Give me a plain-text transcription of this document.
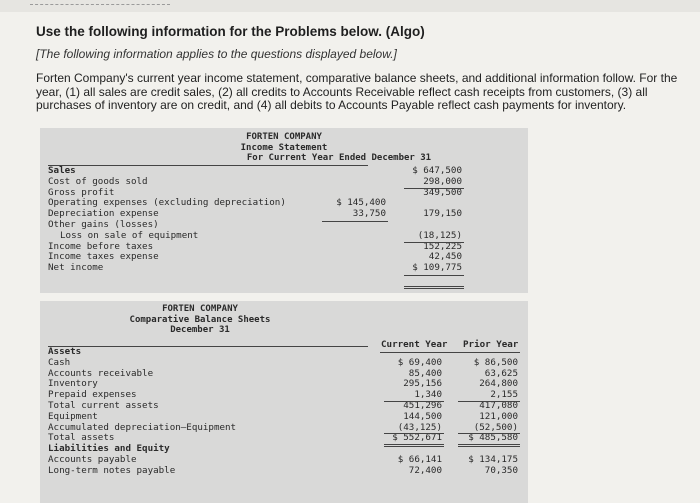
Use the following information for the Problems below. (Algo)
[The following information applies to the questions displayed below.]
Forten Company's current year income statement, comparative balance sheets, and additional information follow. For the year, (1) all sales are credit sales, (2) all credits to Accounts Receivable reflect cash receipts from customers, (3) all purchases of inventory are on credit, and (4) all debits to Accounts Payable reflect cash payments for inventory.
FORTEN COMPANY
Income Statement
For Current Year Ended December 31
Sales
Cost of goods sold
Gross profit
Operating expenses (excluding depreciation)
Depreciation expense
Other gains (losses)
Loss on sale of equipment
Income before taxes
Income taxes expense
Net income
$ 145,400
33,750
$ 647,500
298,000
349,500
179,150
(18,125)
152,225
42,450
$ 109,775
FORTEN COMPANY
Comparative Balance Sheets
December 31
Current Year Prior Year
Assets
Cash
Accounts receivable
Inventory
Prepaid expenses
Total current assets
Equipment
Accumulated depreciation—Equipment
Total assets
Liabilities and Equity
Accounts payable
Long-term notes payable
$ 69,400
85,400
295,156
1,340
451,296
144,500
(43,125)
$ 552,671
$ 66,141
72,400
$ 86,500
63,625
264,800
2,155
417,080
121,000
(52,500)
$ 485,580
$ 134,175
70,350
